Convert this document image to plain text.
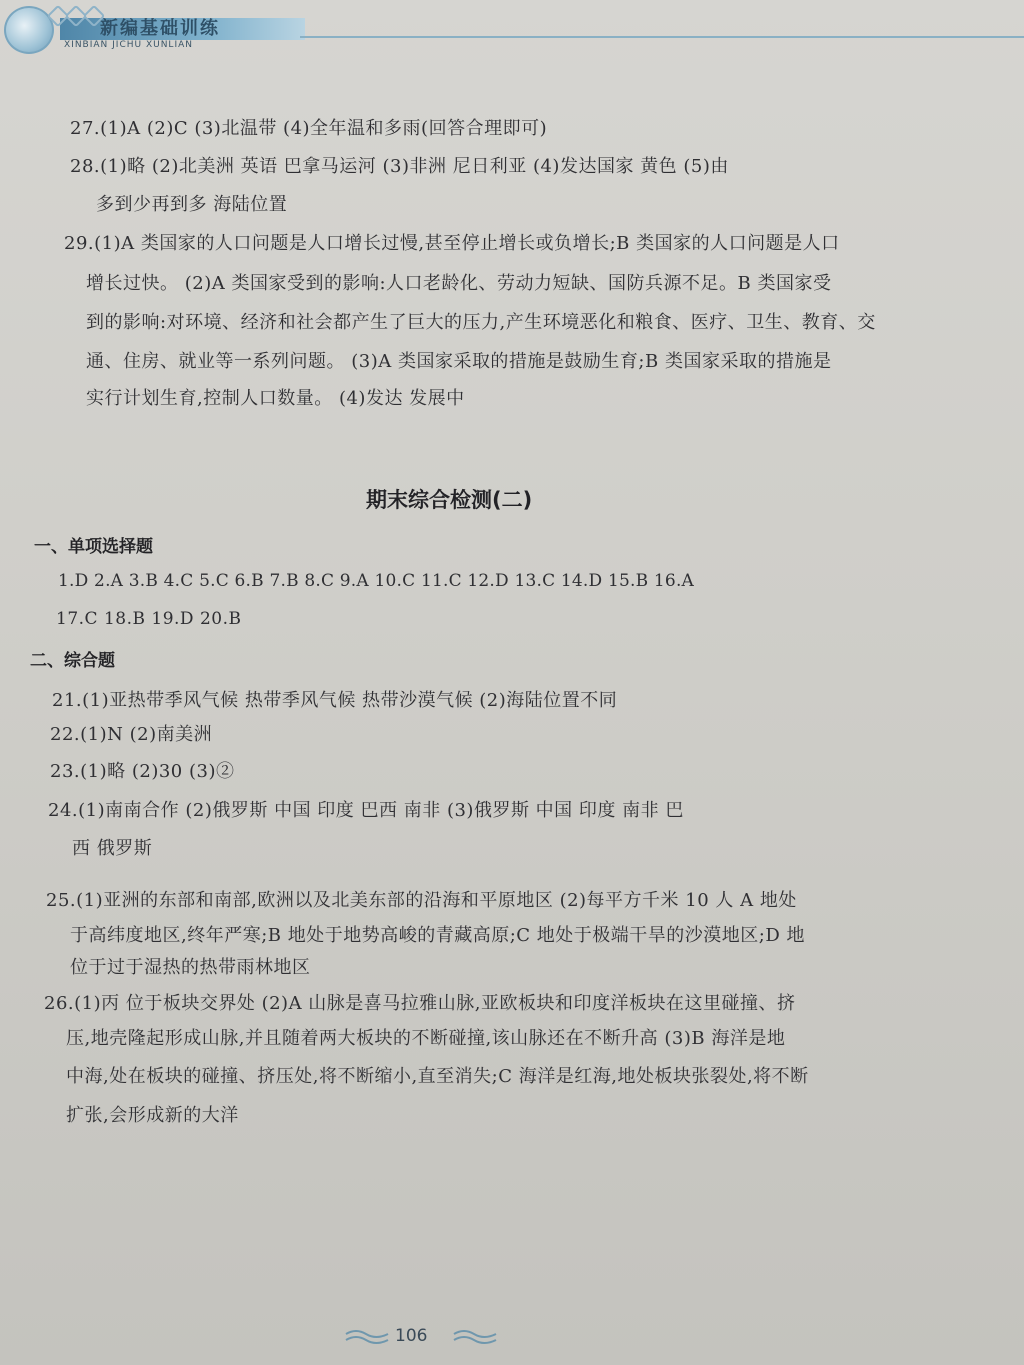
新编基础训练
XINBIAN JICHU XUNLIAN
27.(1)A (2)C (3)北温带 (4)全年温和多雨(回答合理即可)
28.(1)略 (2)北美洲 英语 巴拿马运河 (3)非洲 尼日利亚 (4)发达国家 黄色 (5)由
多到少再到多 海陆位置
29.(1)A 类国家的人口问题是人口增长过慢,甚至停止增长或负增长;B 类国家的人口问题是人口
增长过快。 (2)A 类国家受到的影响:人口老龄化、劳动力短缺、国防兵源不足。B 类国家受
到的影响:对环境、经济和社会都产生了巨大的压力,产生环境恶化和粮食、医疗、卫生、教育、交
通、住房、就业等一系列问题。 (3)A 类国家采取的措施是鼓励生育;B 类国家采取的措施是
实行计划生育,控制人口数量。 (4)发达 发展中
期末综合检测(二)
一、单项选择题
1.D 2.A 3.B 4.C 5.C 6.B 7.B 8.C 9.A 10.C 11.C 12.D 13.C 14.D 15.B 16.A
17.C 18.B 19.D 20.B
二、综合题
21.(1)亚热带季风气候 热带季风气候 热带沙漠气候 (2)海陆位置不同
22.(1)N (2)南美洲
23.(1)略 (2)30 (3)②
24.(1)南南合作 (2)俄罗斯 中国 印度 巴西 南非 (3)俄罗斯 中国 印度 南非 巴
西 俄罗斯
25.(1)亚洲的东部和南部,欧洲以及北美东部的沿海和平原地区 (2)每平方千米 10 人 A 地处
于高纬度地区,终年严寒;B 地处于地势高峻的青藏高原;C 地处于极端干旱的沙漠地区;D 地
位于过于湿热的热带雨林地区
26.(1)丙 位于板块交界处 (2)A 山脉是喜马拉雅山脉,亚欧板块和印度洋板块在这里碰撞、挤
压,地壳隆起形成山脉,并且随着两大板块的不断碰撞,该山脉还在不断升高 (3)B 海洋是地
中海,处在板块的碰撞、挤压处,将不断缩小,直至消失;C 海洋是红海,地处板块张裂处,将不断
扩张,会形成新的大洋
106
